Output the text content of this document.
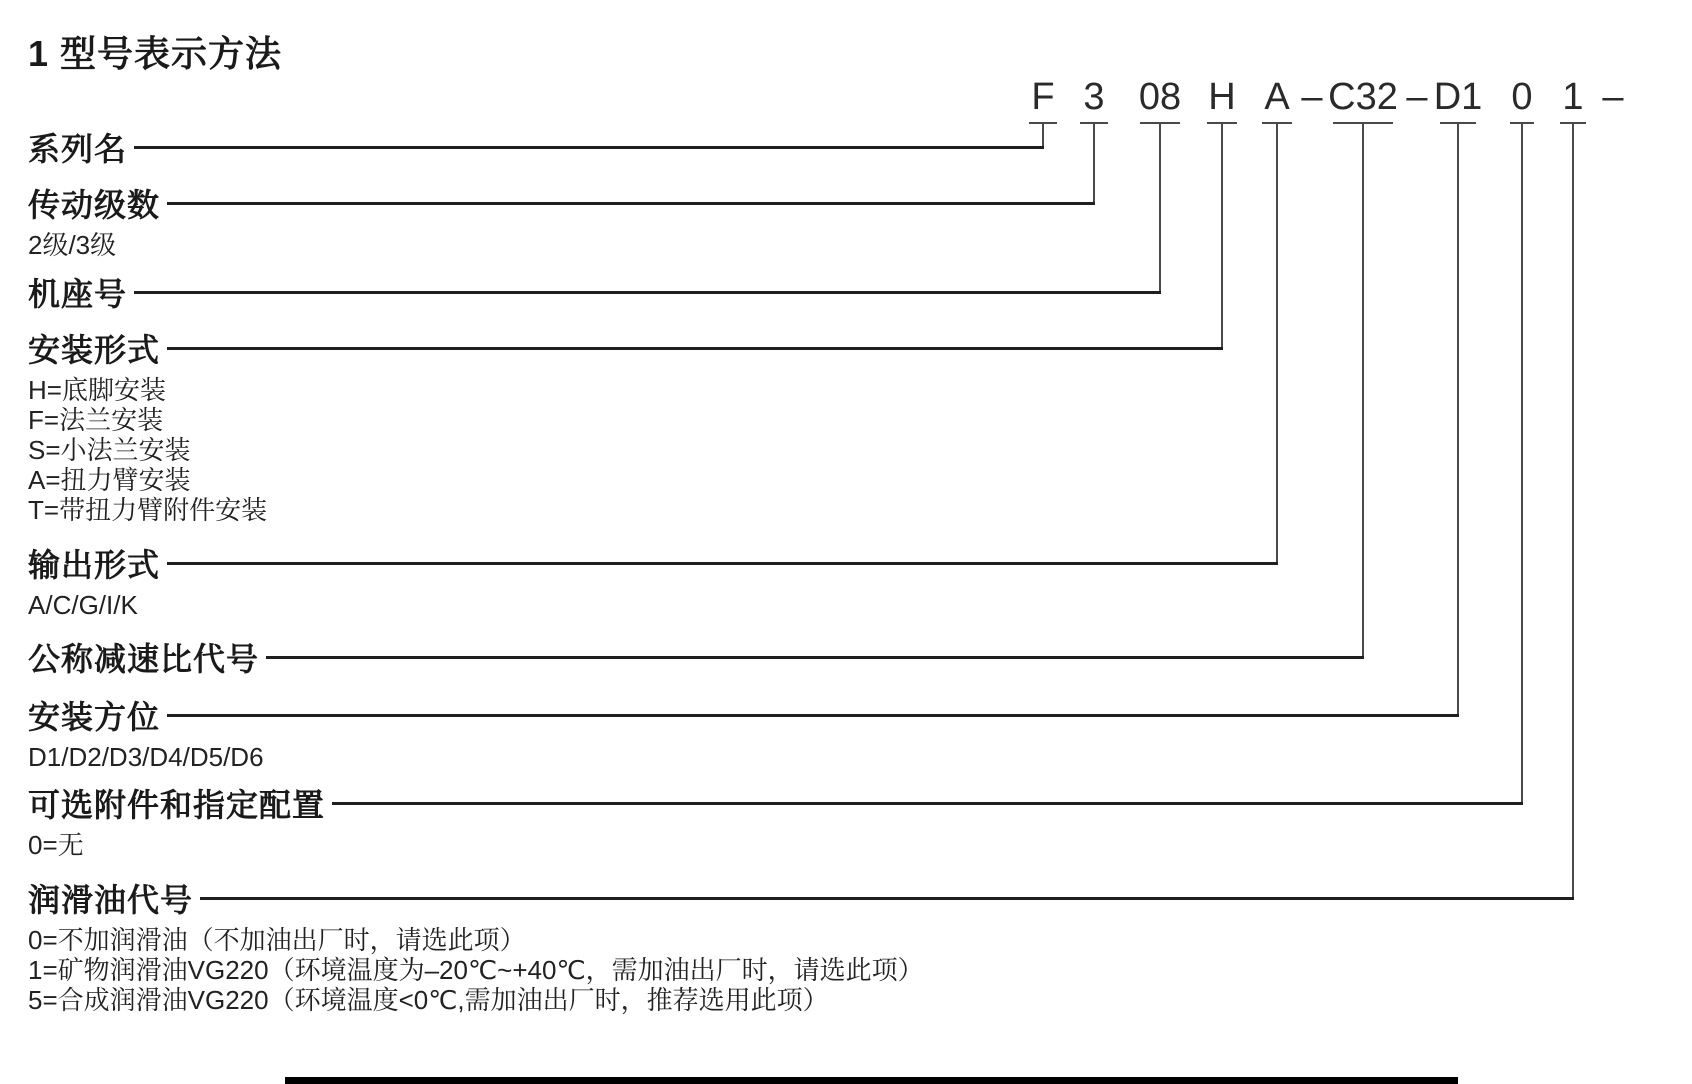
1 型号表示方法
F 3 08 H A – C32 – D1 0 1 –
系列名
传动级数
2级/3级
机座号
安装形式
H=底脚安装
F=法兰安装
S=小法兰安装
A=扭力臂安装
T=带扭力臂附件安装
输出形式
A/C/G/I/K
公称减速比代号
安装方位
D1/D2/D3/D4/D5/D6
可选附件和指定配置
0=无
润滑油代号
0=不加润滑油（不加油出厂时，请选此项）
1=矿物润滑油VG220（环境温度为–20℃~+40℃，需加油出厂时，请选此项）
5=合成润滑油VG220（环境温度<0℃,需加油出厂时，推荐选用此项）
